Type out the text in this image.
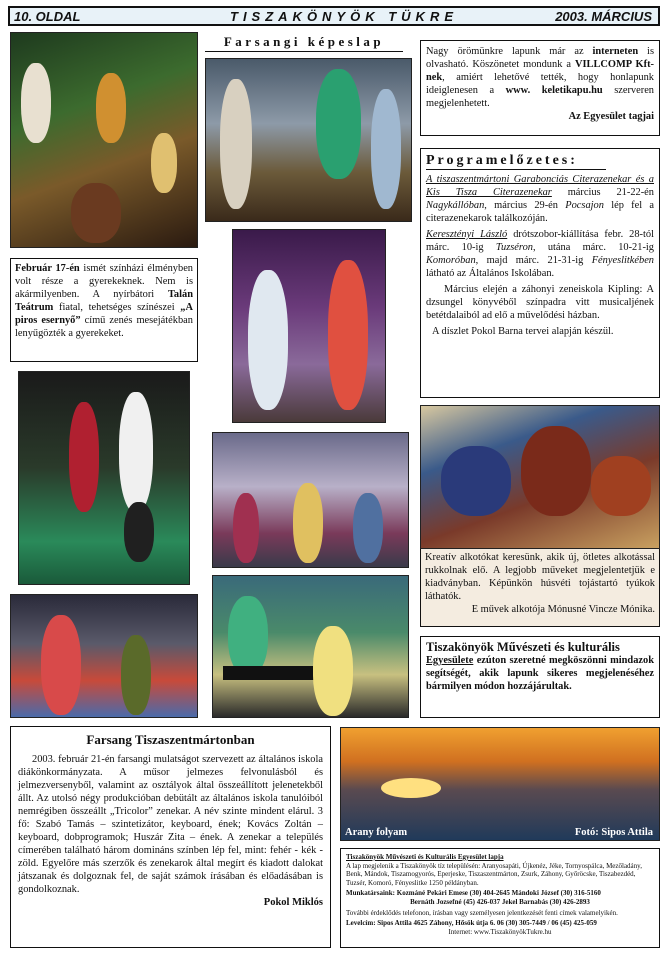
10. OLDAL	TISZAKÖNYÖK TÜKRE	2003. MÁRCIUS
Február 17-én ismét színházi élményben volt része a gyerekeknek. Nem is akármilyenben. A nyírbátori Talán Teátrum fiatal, tehetséges színészei „A piros esernyő” című zenés mesejátékban lenyűgözték a gyerekeket.
Farsangi képeslap
Nagy örömünkre lapunk már az interneten is olvasható. Köszönetet mondunk a VILLCOMP Kft-nek, amiért lehetővé tették, hogy honlapunk ideiglenesen a www. keletikapu.hu szerveren megjelenhetett.
Az Egyesület tagjai
Programelőzetes:
A tiszaszentmártoni Garabonciás Citerazenekar és a Kis Tisza Citerazenekar március 21-22-én Nagykállóban, március 29-én Pocsajon lép fel a citerazenekarok találkozóján.
Keresztényi László drótszobor-kiállítása febr. 28-tól márc. 10-ig Tuzséron, utána márc. 10-21-ig Komoróban, majd márc. 21-31-ig Fényeslitkében látható az Általános Iskolában.
Március elején a záhonyi zeneiskola Kipling: A dzsungel könyvéből színpadra vitt musicaljének betétdalaiból ad elő a művelődési házban.
A díszlet Pokol Barna tervei alapján készül.
Kreatív alkotókat keresünk, akik új, ötletes alkotással rukkolnak elő. A legjobb műveket megjelentetjük e kiadványban. Képünkön húsvéti tojástartó tyúkok láthatók.
E művek alkotója Mónusné Vincze Mónika.
Tiszakönyök Művészeti és kulturális
Egyesülete ezúton szeretné megköszönni mindazok segítségét, akik lapunk sikeres megjelenéséhez bármilyen módon hozzájárultak.
Farsang Tiszaszentmártonban
2003. február 21-én farsangi mulatságot szervezett az általános iskola diákönkormányzata. A műsor jelmezes felvonulásból és jelmezversenyből, valamint az osztályok által összeállított jelenetekből állt. Az utolsó négy produkcióban debütált az általános iskola tanulóiból nemrégiben összeállt „Tricolor” zenekar. A név szinte mindent elárul. 3 fő: Szabó Tamás – szintetizátor, keyboard, ének; Kovács Zoltán – keyboard, dobprogramok; Huszár Zita – ének. A zenekar a település címerében található három domináns színben lép fel, mint: fehér - kék - zöld. Egyelőre más szerzők és zenekarok által megírt és kiadott dalokat játszanak és dolgoznak fel, de saját számok írásában és előadásában is gondolkoznak.
Pokol Miklós
Arany folyam	Fotó: Sipos Attila
Tiszakönyök Művészeti és Kulturális Egyesület lapja
A lap megjelenik a Tiszakönyök tíz településén: Aranyosapáti, Újkenéz, Jéke, Tornyospálca, Mezőladány, Benk, Mándok, Tiszamogyorós, Eperjeske, Tiszaszentmárton, Zsurk, Záhony, Győröcske, Tiszabezdéd, Tuzsér, Komoró, Fényeslitke 1250 példányban.
Munkatársaink: Kozmáné Pekári Emese (30) 404-2645 Mándoki József (30) 316-5160
Bernáth Jozsefné (45) 426-037 Jekel Barnabás (30) 426-2893
További érdeklődés telefonon, írásban vagy személyesen jelentkezését fenti címek valamelyikén.
Levelcím: Sipos Attila 4625 Záhony, Hősök útja 6. 06 (30) 305-7449 / 06 (45) 425-059
Internet: www.TiszakönyökTukre.hu
